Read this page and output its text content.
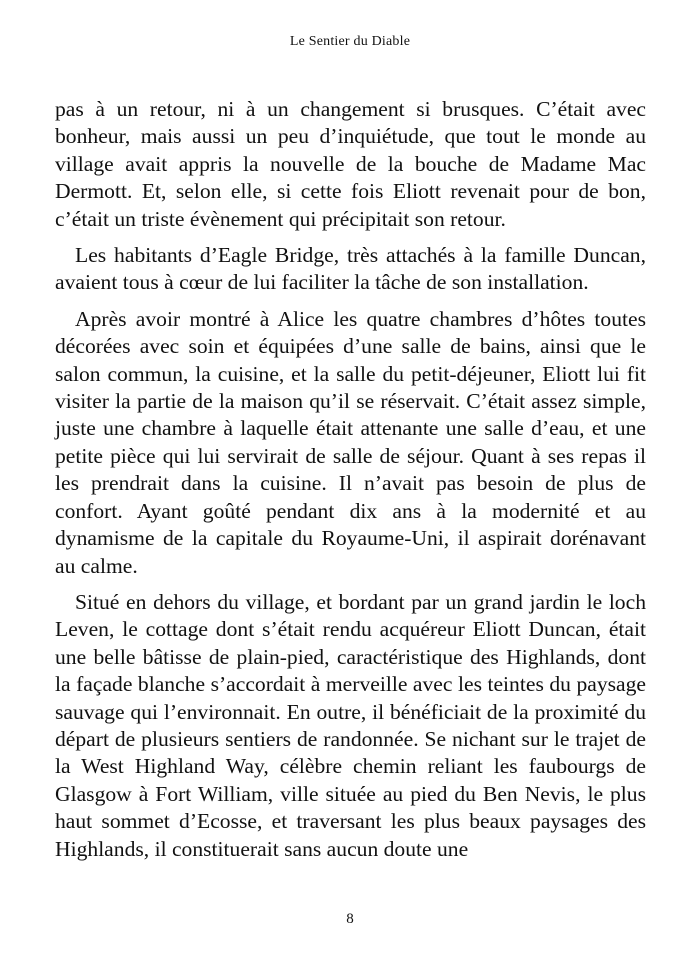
Le Sentier du Diable

pas à un retour, ni à un changement si brusques. C’était avec bonheur, mais aussi un peu d’inquiétude, que tout le monde au village avait appris la nouvelle de la bouche de Madame Mac Dermott. Et, selon elle, si cette fois Eliott revenait pour de bon, c’était un triste évènement qui précipitait son retour.

Les habitants d’Eagle Bridge, très attachés à la famille Duncan, avaient tous à cœur de lui faciliter la tâche de son installation.

Après avoir montré à Alice les quatre chambres d’hôtes toutes décorées avec soin et équipées d’une salle de bains, ainsi que le salon commun, la cuisine, et la salle du petit-déjeuner, Eliott lui fit visiter la partie de la maison qu’il se réservait. C’était assez simple, juste une chambre à laquelle était attenante une salle d’eau, et une petite pièce qui lui servirait de salle de séjour. Quant à ses repas il les prendrait dans la cuisine. Il n’avait pas besoin de plus de confort. Ayant goûté pendant dix ans à la modernité et au dynamisme de la capitale du Royaume-Uni, il aspirait dorénavant au calme.

Situé en dehors du village, et bordant par un grand jardin le loch Leven, le cottage dont s’était rendu acquéreur Eliott Duncan, était une belle bâtisse de plain-pied, caractéristique des Highlands, dont la façade blanche s’accordait à merveille avec les teintes du paysage sauvage qui l’environnait. En outre, il bénéficiait de la proximité du départ de plusieurs sentiers de randonnée. Se nichant sur le trajet de la West Highland Way, célèbre chemin reliant les faubourgs de Glasgow à Fort William, ville située au pied du Ben Nevis, le plus haut sommet d’Ecosse, et traversant les plus beaux paysages des Highlands, il constituerait sans aucun doute une

8
